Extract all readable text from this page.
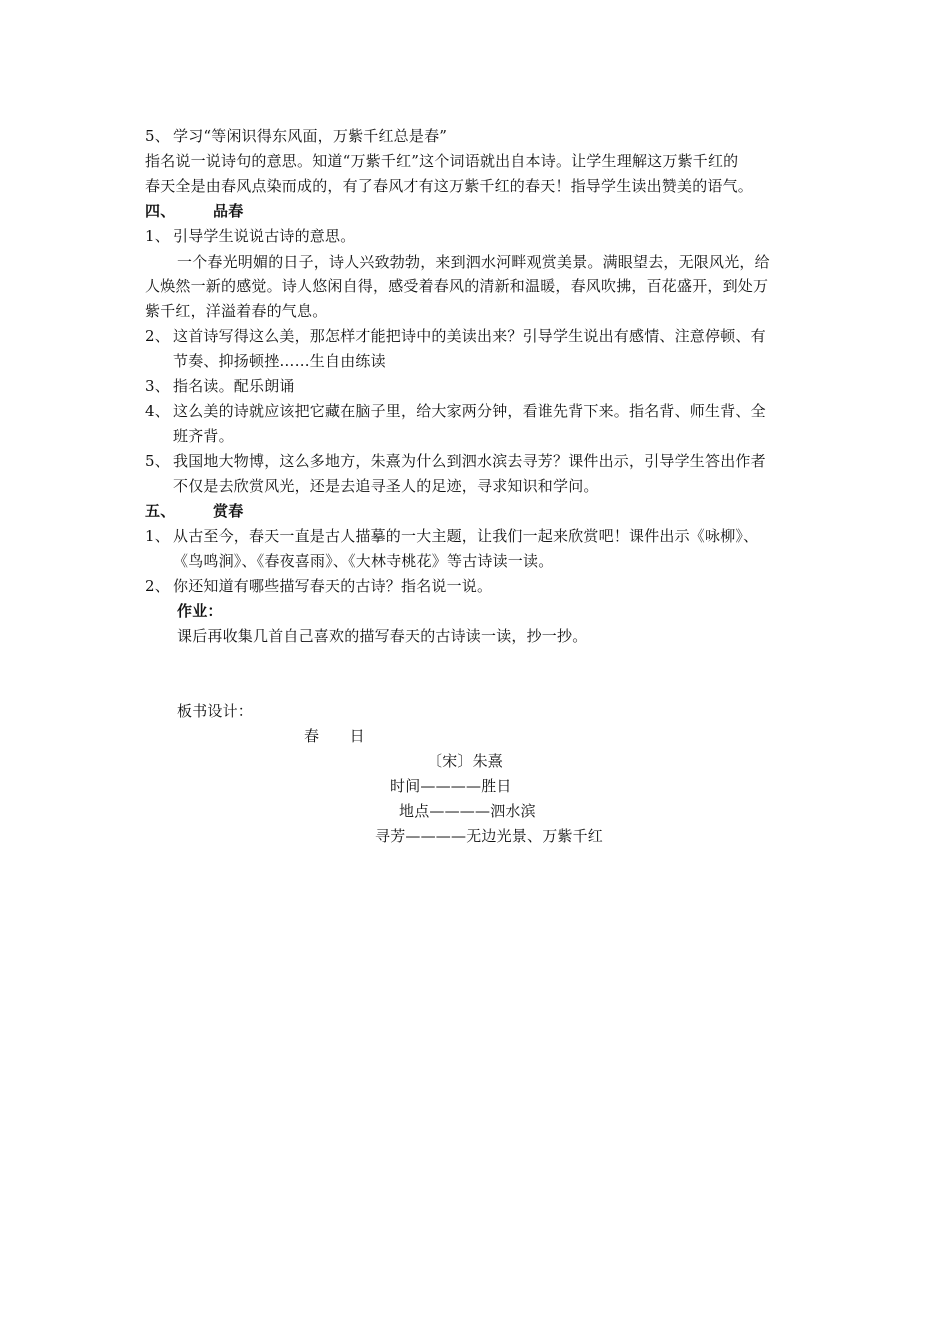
5、 学习“等闲识得东风面，万紫千红总是春”
指名说一说诗句的意思。知道“万紫千红”这个词语就出自本诗。让学生理解这万紫千红的
春天全是由春风点染而成的，有了春风才有这万紫千红的春天！指导学生读出赞美的语气。
四、	品春
1、 引导学生说说古诗的意思。
一个春光明媚的日子，诗人兴致勃勃，来到泗水河畔观赏美景。满眼望去，无限风光，给
人焕然一新的感觉。诗人悠闲自得，感受着春风的清新和温暖，春风吹拂，百花盛开，到处万
紫千红，洋溢着春的气息。
2、 这首诗写得这么美，那怎样才能把诗中的美读出来？引导学生说出有感情、注意停顿、有
节奏、抑扬顿挫……生自由练读
3、 指名读。配乐朗诵
4、 这么美的诗就应该把它藏在脑子里，给大家两分钟，看谁先背下来。指名背、师生背、全
班齐背。
5、 我国地大物博，这么多地方，朱熹为什么到泗水滨去寻芳？课件出示，引导学生答出作者
不仅是去欣赏风光，还是去追寻圣人的足迹，寻求知识和学问。
五、	赏春
1、 从古至今，春天一直是古人描摹的一大主题，让我们一起来欣赏吧！课件出示《咏柳》、
《鸟鸣涧》、《春夜喜雨》、《大林寺桃花》等古诗读一读。
2、 你还知道有哪些描写春天的古诗？指名说一说。
作业：
课后再收集几首自己喜欢的描写春天的古诗读一读，抄一抄。
板书设计：
春　　日
〔宋〕朱熹
时间————胜日
地点————泗水滨
寻芳————无边光景、万紫千红
